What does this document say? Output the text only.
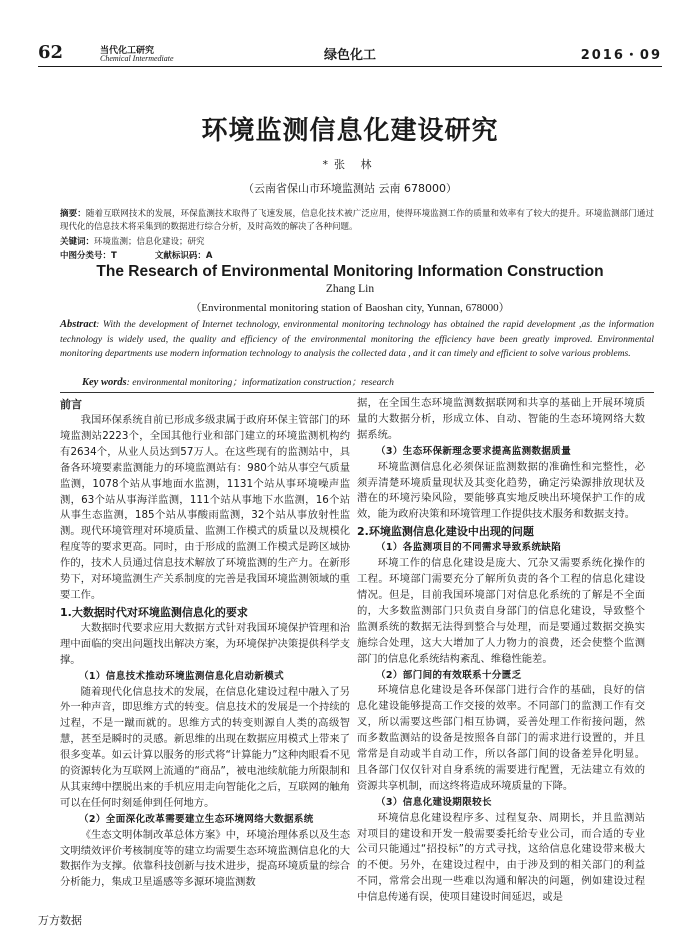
62	当代化工研究
Chemical Intermediate	绿色化工	2016・09
环境监测信息化建设研究
*张 林
（云南省保山市环境监测站 云南 678000）
摘要：随着互联网技术的发展，环保监测技术取得了飞速发展，信息化技术被广泛应用，使得环境监测工作的质量和效率有了较大的提升。环境监测部门通过现代化的信息技术将采集到的数据进行综合分析，及时高效的解决了各种问题。
关键词：环境监测；信息化建设；研究
中图分类号：T	文献标识码：A
The Research of Environmental Monitoring Information Construction
Zhang Lin
（Environmental monitoring station of Baoshan city, Yunnan, 678000）
Abstract: With the development of Internet technology, environmental monitoring technology has obtained the rapid development ,as the information technology is widely used, the quality and efficiency of the environmental monitoring the efficiency have been greatly improved. Environmental monitoring departments use modern information technology to analysis the collected data , and it can timely and efficient to solve various problems.
Key words: environmental monitoring；informatization construction；research
前言

我国环保系统自前已形成多级隶属于政府环保主管部门的环境监测站2223个，全国其他行业和部门建立的环境监测机构约有2634个，从业人员达到57万人。在这些现有的监测站中，具备各环境要素监测能力的环境监测站有：980个站从事空气质量监测，1078个站从事地面水监测，1131个站从事环境噪声监测，63个站从事海洋监测，111个站从事地下水监测，16个站从事生态监测，185个站从事酸雨监测，32个站从事放射性监测。现代环境管理对环境质量、监测工作模式的质量以及规模化程度等的要求更高。同时，由于形成的监测工作模式是跨区域协作的，技术人员通过信息技术解放了环境监测的生产力。在新形势下，对环境监测生产关系制度的完善是我国环境监测领域的重要工作。

1.大数据时代对环境监测信息化的要求

大数据时代要求应用大数据方式针对我国环境保护管理和治理中面临的突出问题找出解决方案，为环境保护决策提供科学支撑。

（1）信息技术推动环境监测信息化启动新模式

随着现代化信息技术的发展，在信息化建设过程中融入了另外一种声音，即思维方式的转变。信息技术的发展是一个持续的过程，不是一蹴而就的。思维方式的转变则源自人类的高级智慧，甚至是瞬时的灵感。新思维的出现在数据应用模式上带来了很多变革。如云计算以服务的形式将“计算能力”这种肉眼看不见的资源转化为互联网上流通的“商品”，被电池续航能力所限制和从其束缚中摆脱出来的手机应用走向智能化之后，互联网的触角可以在任何时刻延伸到任何地方。

（2）全面深化改革需要建立生态环境网络大数据系统

《生态文明体制改革总体方案》中，环境治理体系以及生态文明绩效评价考核制度等的建立均需要生态环境监测信息化的大数据作为支撑。依靠科技创新与技术进步，提高环境质量的综合分析能力，集成卫星遥感等多源环境监测数

据，在全国生态环境监测数据联网和共享的基础上开展环境质量的大数据分析，形成立体、自动、智能的生态环境网络大数据系统。

（3）生态环保新理念要求提高监测数据质量

环境监测信息化必须保证监测数据的准确性和完整性，必须弄清楚环境质量现状及其变化趋势，确定污染源排放现状及潜在的环境污染风险，要能够真实地反映出环境保护工作的成效，能为政府决策和环境管理工作提供技术服务和数据支持。

2.环境监测信息化建设中出现的问题
（1）各监测项目的不同需求导致系统缺陷

环境工作的信息化建设是庞大、冗杂又需要系统化操作的工程。环境部门需要充分了解所负责的各个工程的信息化建设情况。但是，目前我国环境部门对信息化系统的了解是不全面的，大多数监测部门只负责自身部门的信息化建设，导致整个监测系统的数据无法得到整合与处理，而是要通过数据交换实施综合处理，这大大增加了人力物力的浪费，还会使整个监测部门的信息化系统结构紊乱、维稳性能差。

（2）部门间的有效联系十分匮乏

环境信息化建设是各环保部门进行合作的基础，良好的信息化建设能够提高工作交接的效率。不同部门的监测工作有交叉，所以需要这些部门相互协调，妥善处理工作衔接问题，然而多数监测站的设备是按照各自部门的需求进行设置的，并且常常是自动或半自动工作，所以各部门间的设备差异化明显。且各部门仅仅针对自身系统的需要进行配置，无法建立有效的资源共享机制，而这终将造成环境质量的下降。

（3）信息化建设期限较长

环境信息化建设程序多、过程复杂、周期长，并且监测站对项目的建设和开发一般需要委托给专业公司，而合适的专业公司只能通过“招投标”的方式寻找，这给信息化建设带来极大的不便。另外，在建设过程中，由于涉及到的相关部门的利益不同，常常会出现一些难以沟通和解决的问题，例如建设过程中信息传递有误，使项目建设时间延迟，或是

万方数据
